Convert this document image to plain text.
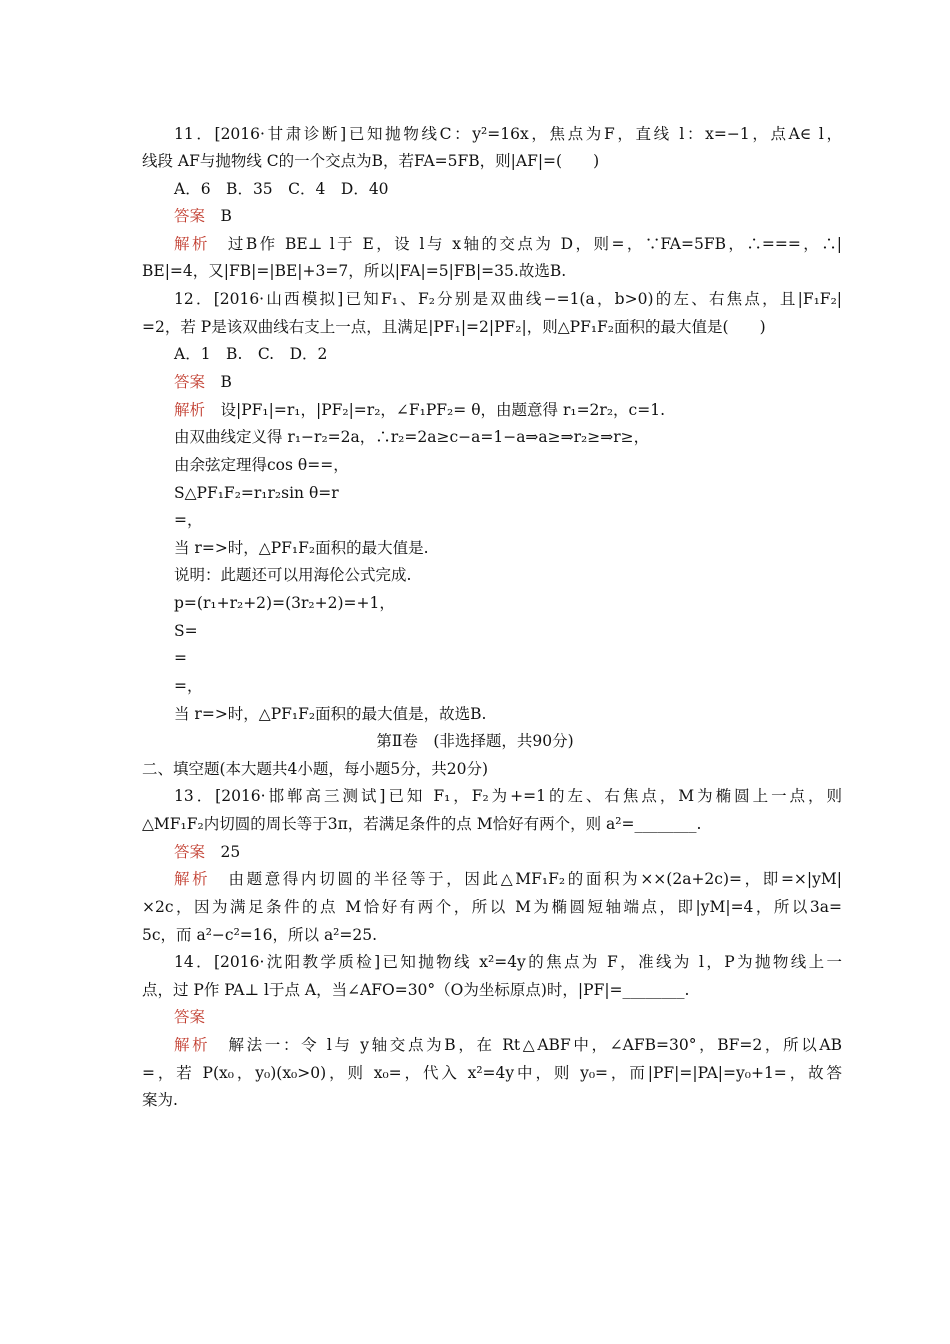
11．[2016·甘肃诊断]已知抛物线C：y²=16x，焦点为F，直线 l：x=−1，点A∈ l，
线段 AF与抛物线 C的一个交点为B，若FA=5FB，则|AF|=(　　)
A．6　B．35　C．4　D．40
答案　B
解析　过B作 BE⊥ l于 E，设 l与 x轴的交点为 D，则=，∵FA=5FB，∴===，∴|
BE|=4，又|FB|=|BE|+3=7，所以|FA|=5|FB|=35.故选B.
12．[2016·山西模拟]已知F₁、F₂分别是双曲线−=1(a，b>0)的左、右焦点，且|F₁F₂|
=2，若 P是该双曲线右支上一点，且满足|PF₁|=2|PF₂|，则△PF₁F₂面积的最大值是(　　)
A．1　B.　C.　D．2
答案　B
解析　设|PF₁|=r₁，|PF₂|=r₂，∠F₁PF₂= θ，由题意得 r₁=2r₂，c=1.
由双曲线定义得 r₁−r₂=2a，∴r₂=2a≥c−a=1−a⇒a≥⇒r₂≥⇒r≥，
由余弦定理得cos θ==，
S△PF₁F₂=r₁r₂sin θ=r
=，
当 r=>时，△PF₁F₂面积的最大值是.
说明：此题还可以用海伦公式完成.
p=(r₁+r₂+2)=(3r₂+2)=+1，
S=
=
=，
当 r=>时，△PF₁F₂面积的最大值是，故选B.
第Ⅱ卷　(非选择题，共90分)
二、填空题(本大题共4小题，每小题5分，共20分)
13．[2016·邯郸高三测试]已知 F₁，F₂为+=1的左、右焦点，M为椭圆上一点，则
△MF₁F₂内切圆的周长等于3π，若满足条件的点 M恰好有两个，则 a²=________.
答案　25
解析　由题意得内切圆的半径等于，因此△MF₁F₂的面积为××(2a+2c)=，即=×|yM|
×2c，因为满足条件的点 M恰好有两个，所以 M为椭圆短轴端点，即|yM|=4，所以3a=
5c，而 a²−c²=16，所以 a²=25.
14．[2016·沈阳教学质检]已知抛物线 x²=4y的焦点为 F，准线为 l，P为抛物线上一
点，过 P作 PA⊥ l于点 A，当∠AFO=30°（O为坐标原点)时，|PF|=________.
答案
解析　解法一：令 l与 y轴交点为B，在 Rt△ABF中，∠AFB=30°，BF=2，所以AB
=，若 P(x₀，y₀)(x₀>0)，则 x₀=，代入 x²=4y中，则 y₀=，而|PF|=|PA|=y₀+1=，故答
案为.
